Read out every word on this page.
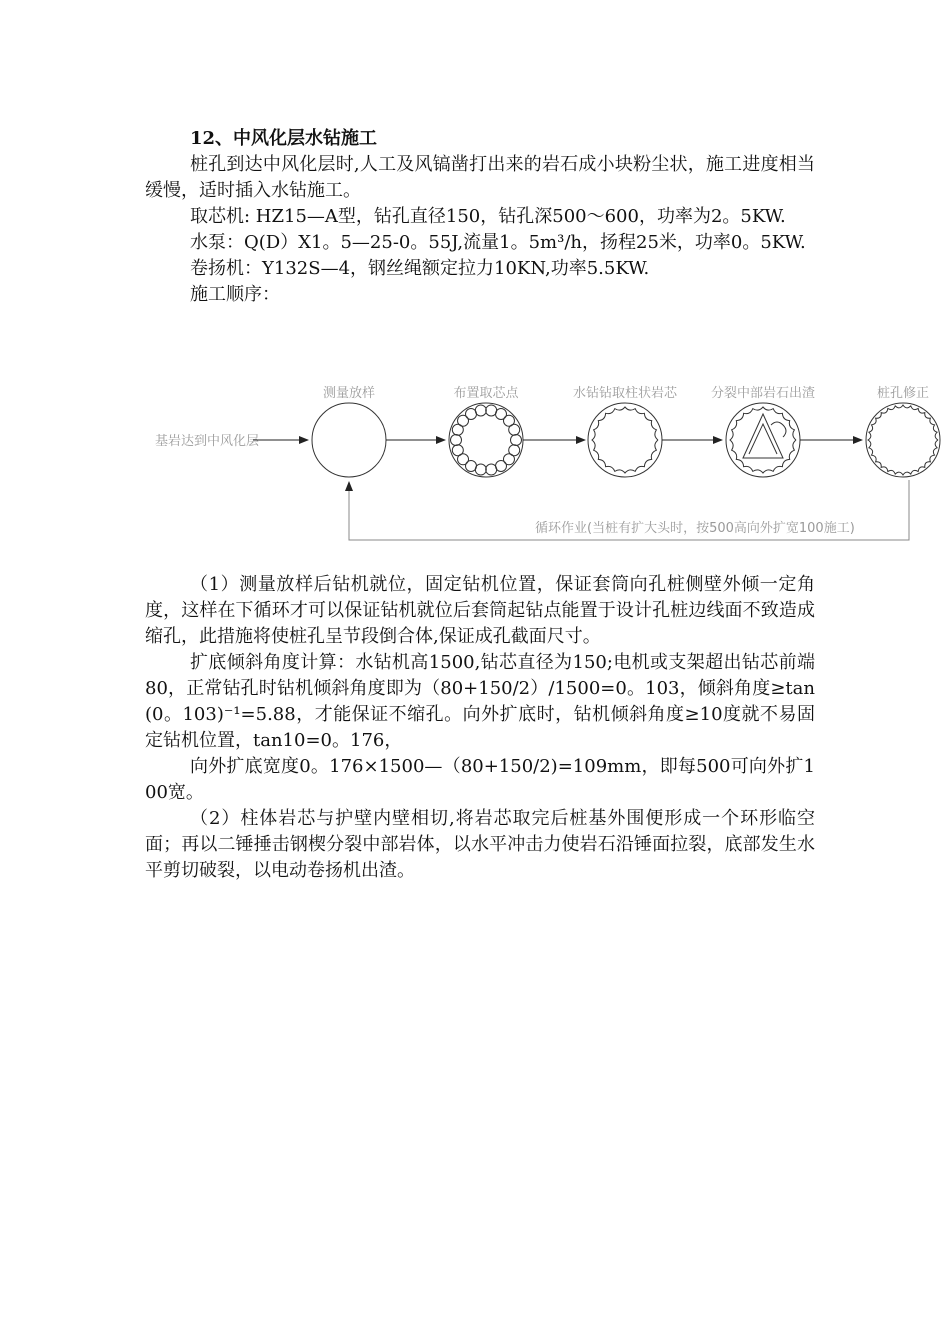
12、中风化层水钻施工

桩孔到达中风化层时,人工及风镐凿打出来的岩石成小块粉尘状，施工进度相当缓慢，适时插入水钻施工。

取芯机: HZ15—A型，钻孔直径150，钻孔深500～600，功率为2。5KW.

水泵：Q(D）X1。5—25-0。55J,流量1。5m³/h，扬程25米，功率0。5KW.

卷扬机：Y132S—4，钢丝绳额定拉力10KN,功率5.5KW.

施工顺序：

基岩达到中风化层
测量放样	布置取芯点	水钻钻取柱状岩芯	分裂中部岩石出渣	桩孔修正
循环作业(当桩有扩大头时，按500高向外扩宽100施工)

（1）测量放样后钻机就位，固定钻机位置，保证套筒向孔桩侧壁外倾一定角度，这样在下循环才可以保证钻机就位后套筒起钻点能置于设计孔桩边线面不致造成缩孔，此措施将使桩孔呈节段倒合体,保证成孔截面尺寸。

扩底倾斜角度计算：水钻机高1500,钻芯直径为150;电机或支架超出钻芯前端80，正常钻孔时钻机倾斜角度即为（80+150/2）/1500=0。103，倾斜角度≥tan(0。103)⁻¹=5.88，才能保证不缩孔。向外扩底时，钻机倾斜角度≥10度就不易固定钻机位置，tan10=0。176，

向外扩底宽度0。176×1500—（80+150/2)=109mm，即每500可向外扩100宽。

（2）柱体岩芯与护壁内壁相切,将岩芯取完后桩基外围便形成一个环形临空面；再以二锤捶击钢楔分裂中部岩体，以水平冲击力使岩石沿锤面拉裂，底部发生水平剪切破裂，以电动卷扬机出渣。
